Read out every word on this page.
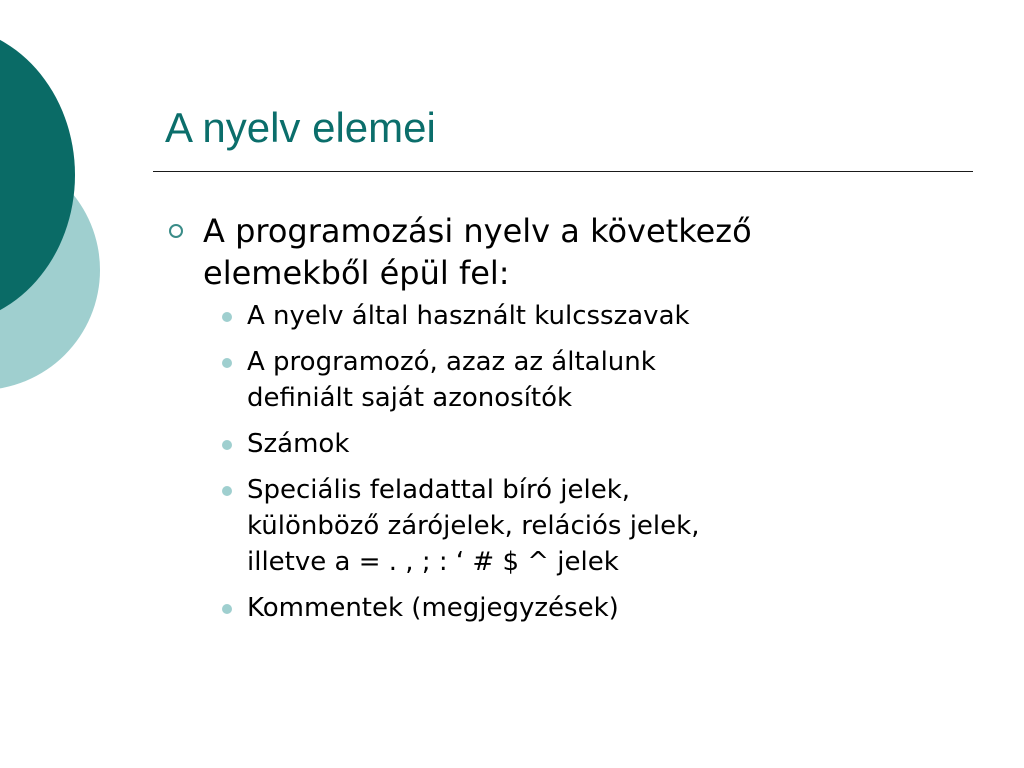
A nyelv elemei
A programozási nyelv a következő
elemekből épül fel:
A nyelv által használt kulcsszavak
A programozó, azaz az általunk
definiált saját azonosítók
Számok
Speciális feladattal bíró jelek,
különböző zárójelek, relációs jelek,
illetve a = . , ; : ‘ # $ ^ jelek
Kommentek (megjegyzések)
